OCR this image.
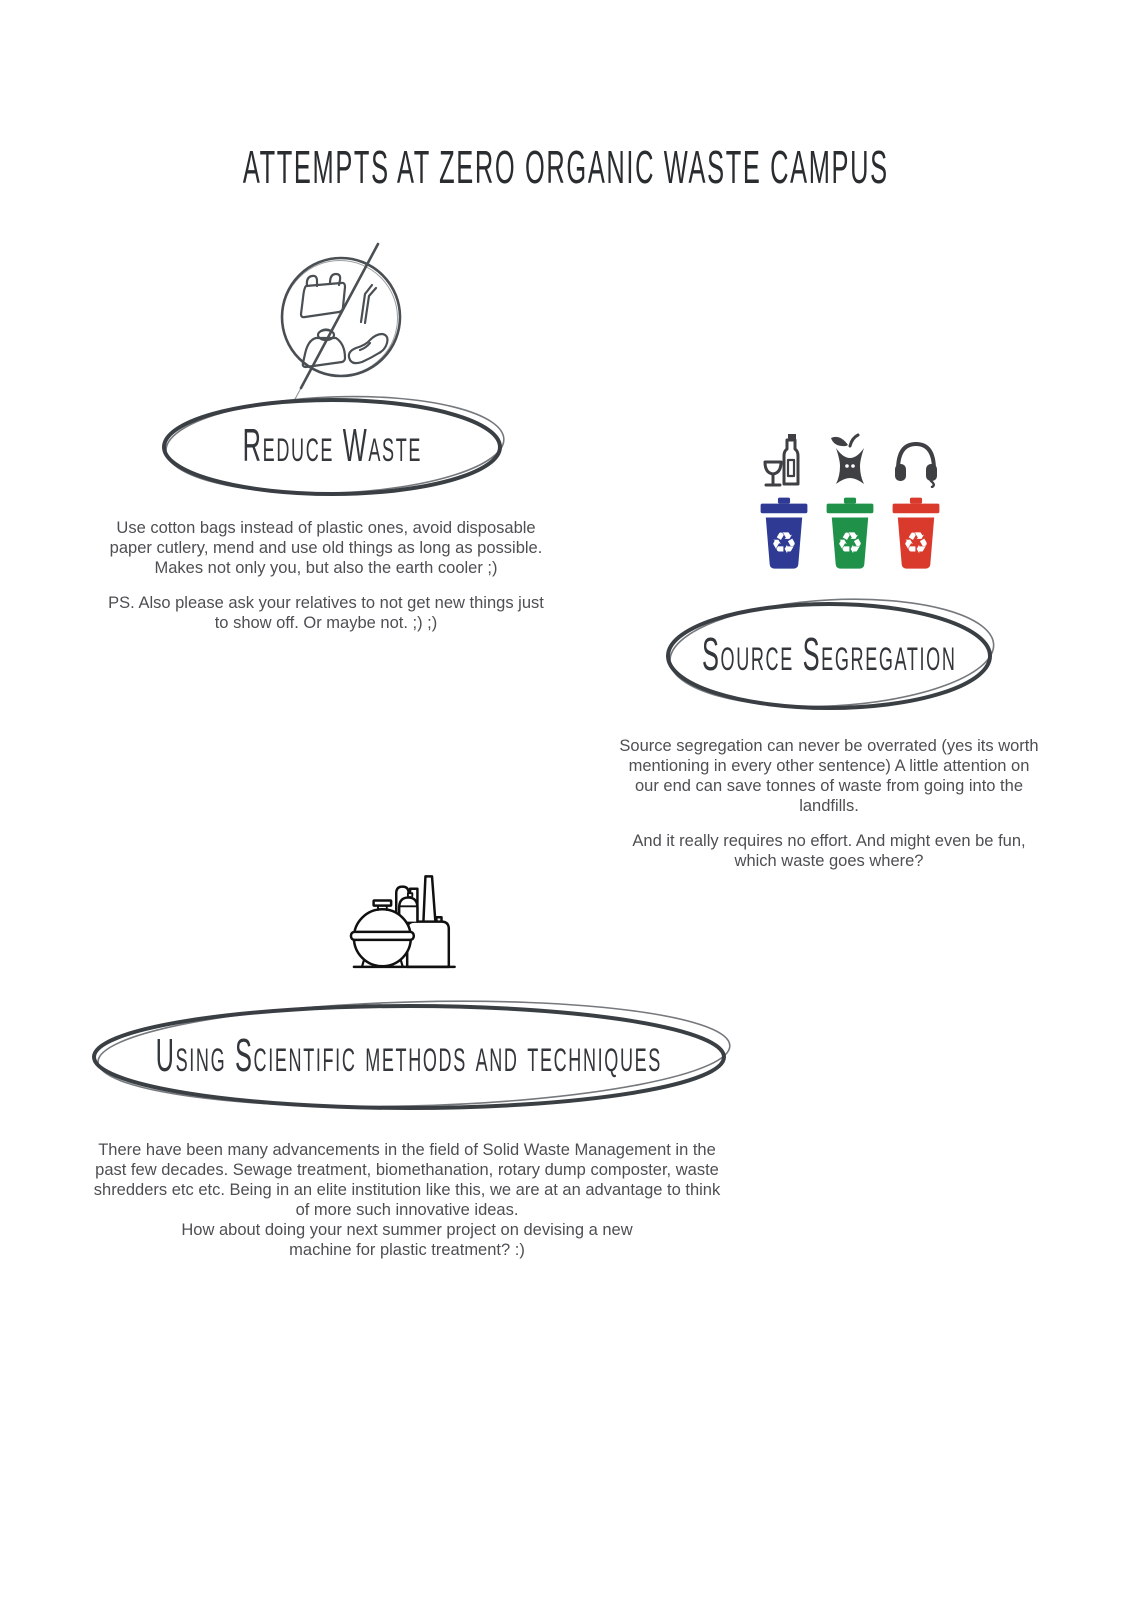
ATTEMPTS AT ZERO ORGANIC WASTE CAMPUS
Reduce Waste

Use cotton bags instead of plastic ones, avoid disposable paper cutlery, mend and use old things as long as possible. Makes not only you, but also the earth cooler ;)

PS. Also please ask your relatives to not get new things just to show off. Or maybe not. ;) ;)

♻ ♻ ♻
Source Segregation

Source segregation can never be overrated (yes its worth mentioning in every other sentence) A little attention on our end can save tonnes of waste from going into the landfills.

And it really requires no effort. And might even be fun, which waste goes where?

Using Scientific methods and techniques

There have been many advancements in the field of Solid Waste Management in the past few decades. Sewage treatment, biomethanation, rotary dump composter, waste shredders etc etc. Being in an elite institution like this, we are at an advantage to think of more such innovative ideas.

How about doing your next summer project on devising a new machine for plastic treatment? :)
